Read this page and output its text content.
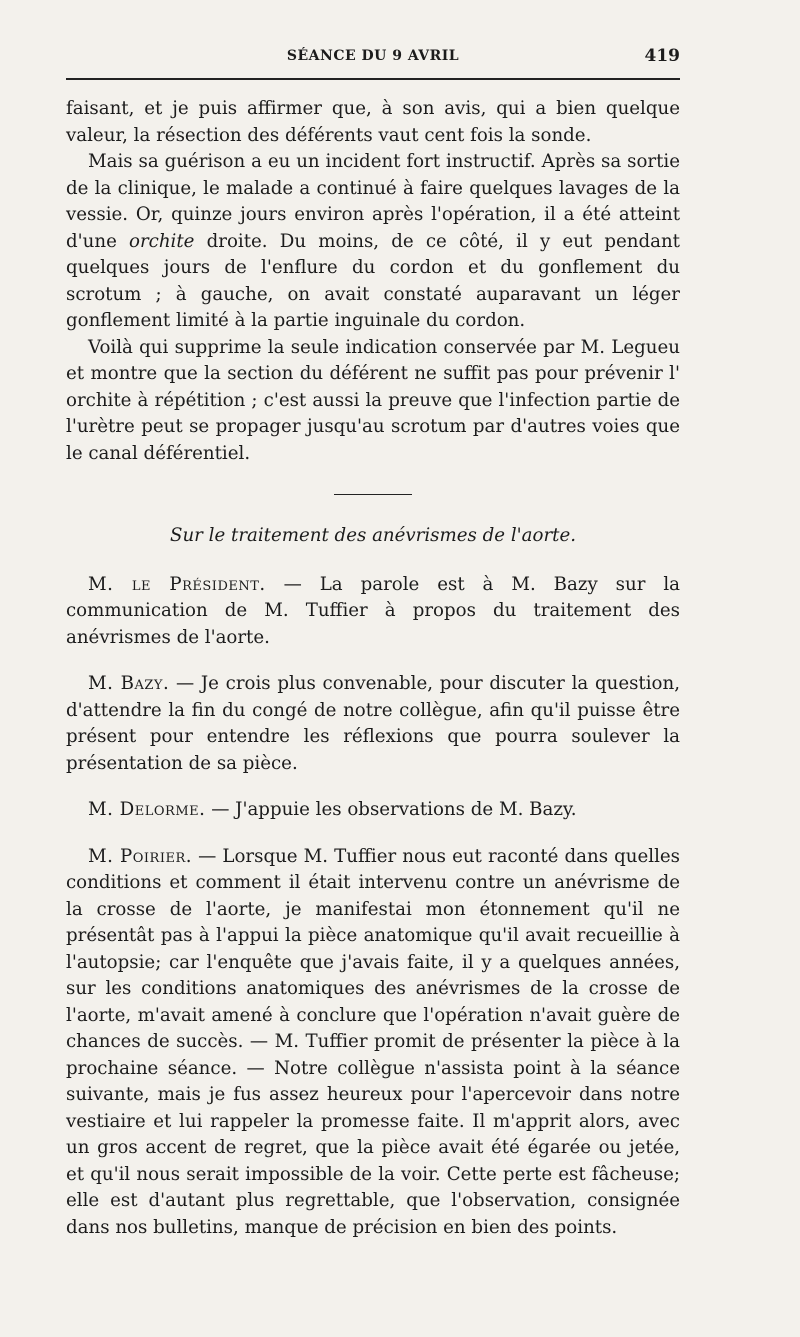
SÉANCE DU 9 AVRIL	419

faisant, et je puis affirmer que, à son avis, qui a bien quelque valeur, la résection des déférents vaut cent fois la sonde.

Mais sa guérison a eu un incident fort instructif. Après sa sortie de la clinique, le malade a continué à faire quelques lavages de la vessie. Or, quinze jours environ après l'opération, il a été atteint d'une orchite droite. Du moins, de ce côté, il y eut pendant quelques jours de l'enflure du cordon et du gonflement du scrotum ; à gauche, on avait constaté auparavant un léger gonflement limité à la partie inguinale du cordon.

Voilà qui supprime la seule indication conservée par M. Legueu et montre que la section du déférent ne suffit pas pour prévenir l' orchite à répétition ; c'est aussi la preuve que l'infection partie de l'urètre peut se propager jusqu'au scrotum par d'autres voies que le canal déférentiel.

Sur le traitement des anévrismes de l'aorte.

M. le Président. — La parole est à M. Bazy sur la communication de M. Tuffier à propos du traitement des anévrismes de l'aorte.

M. Bazy. — Je crois plus convenable, pour discuter la question, d'attendre la fin du congé de notre collègue, afin qu'il puisse être présent pour entendre les réflexions que pourra soulever la présentation de sa pièce.

M. Delorme. — J'appuie les observations de M. Bazy.

M. Poirier. — Lorsque M. Tuffier nous eut raconté dans quelles conditions et comment il était intervenu contre un anévrisme de la crosse de l'aorte, je manifestai mon étonnement qu'il ne présentât pas à l'appui la pièce anatomique qu'il avait recueillie à l'autopsie; car l'enquête que j'avais faite, il y a quelques années, sur les conditions anatomiques des anévrismes de la crosse de l'aorte, m'avait amené à conclure que l'opération n'avait guère de chances de succès. — M. Tuffier promit de présenter la pièce à la prochaine séance. — Notre collègue n'assista point à la séance suivante, mais je fus assez heureux pour l'apercevoir dans notre vestiaire et lui rappeler la promesse faite. Il m'apprit alors, avec un gros accent de regret, que la pièce avait été égarée ou jetée, et qu'il nous serait impossible de la voir. Cette perte est fâcheuse; elle est d'autant plus regrettable, que l'observation, consignée dans nos bulletins, manque de précision en bien des points.
